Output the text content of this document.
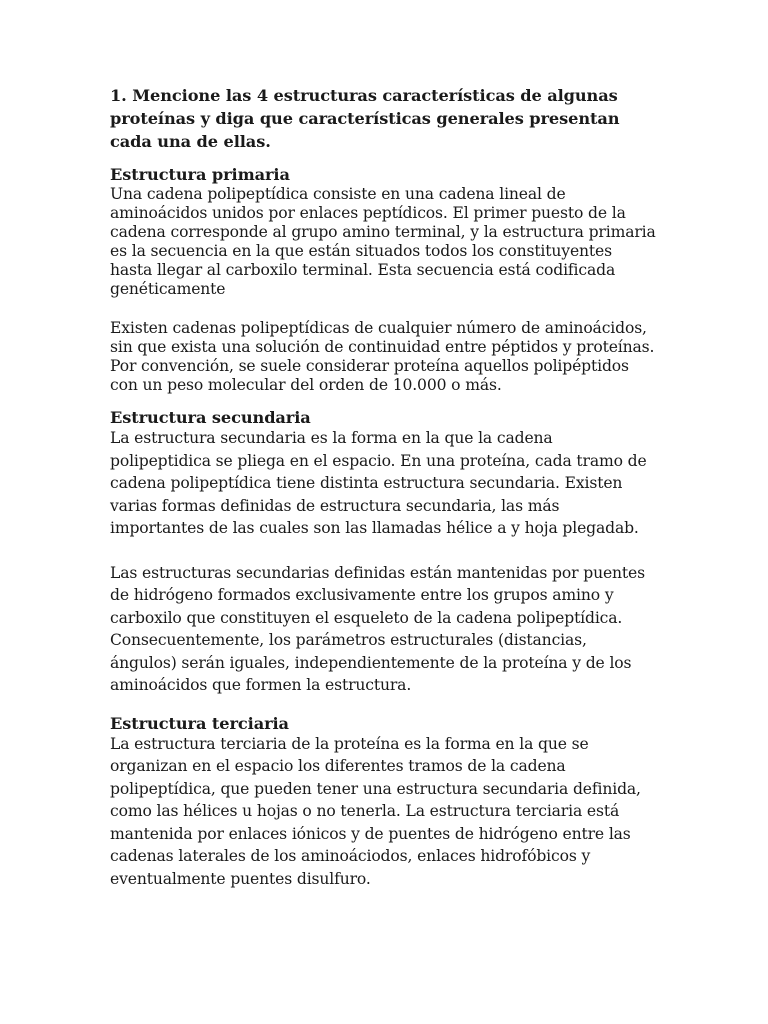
1. Mencione las 4 estructuras características de algunas proteínas y diga que características generales presentan cada una de ellas.

Estructura primaria

Una cadena polipeptídica consiste en una cadena lineal de aminoácidos unidos por enlaces peptídicos. El primer puesto de la cadena corresponde al grupo amino terminal, y la estructura primaria es la secuencia en la que están situados todos los constituyentes hasta llegar al carboxilo terminal. Esta secuencia está codificada genéticamente

Existen cadenas polipeptídicas de cualquier número de aminoácidos, sin que exista una solución de continuidad entre péptidos y proteínas. Por convención, se suele considerar proteína aquellos polipéptidos con un peso molecular del orden de 10.000 o más.

Estructura secundaria

La estructura secundaria es la forma en la que la cadena polipeptidica se pliega en el espacio. En una proteína, cada tramo de cadena polipeptídica tiene distinta estructura secundaria. Existen varias formas definidas de estructura secundaria, las más importantes de las cuales son las llamadas hélice a y hoja plegadab.

Las estructuras secundarias definidas están mantenidas por puentes de hidrógeno formados exclusivamente entre los grupos amino y carboxilo que constituyen el esqueleto de la cadena polipeptídica. Consecuentemente, los parámetros estructurales (distancias, ángulos) serán iguales, independientemente de la proteína y de los aminoácidos que formen la estructura.

Estructura terciaria

La estructura terciaria de la proteína es la forma en la que se organizan en el espacio los diferentes tramos de la cadena polipeptídica, que pueden tener una estructura secundaria definida, como las hélices u hojas o no tenerla. La estructura terciaria está mantenida por enlaces iónicos y de puentes de hidrógeno entre las cadenas laterales de los aminoáciodos, enlaces hidrofóbicos y eventualmente puentes disulfuro.
